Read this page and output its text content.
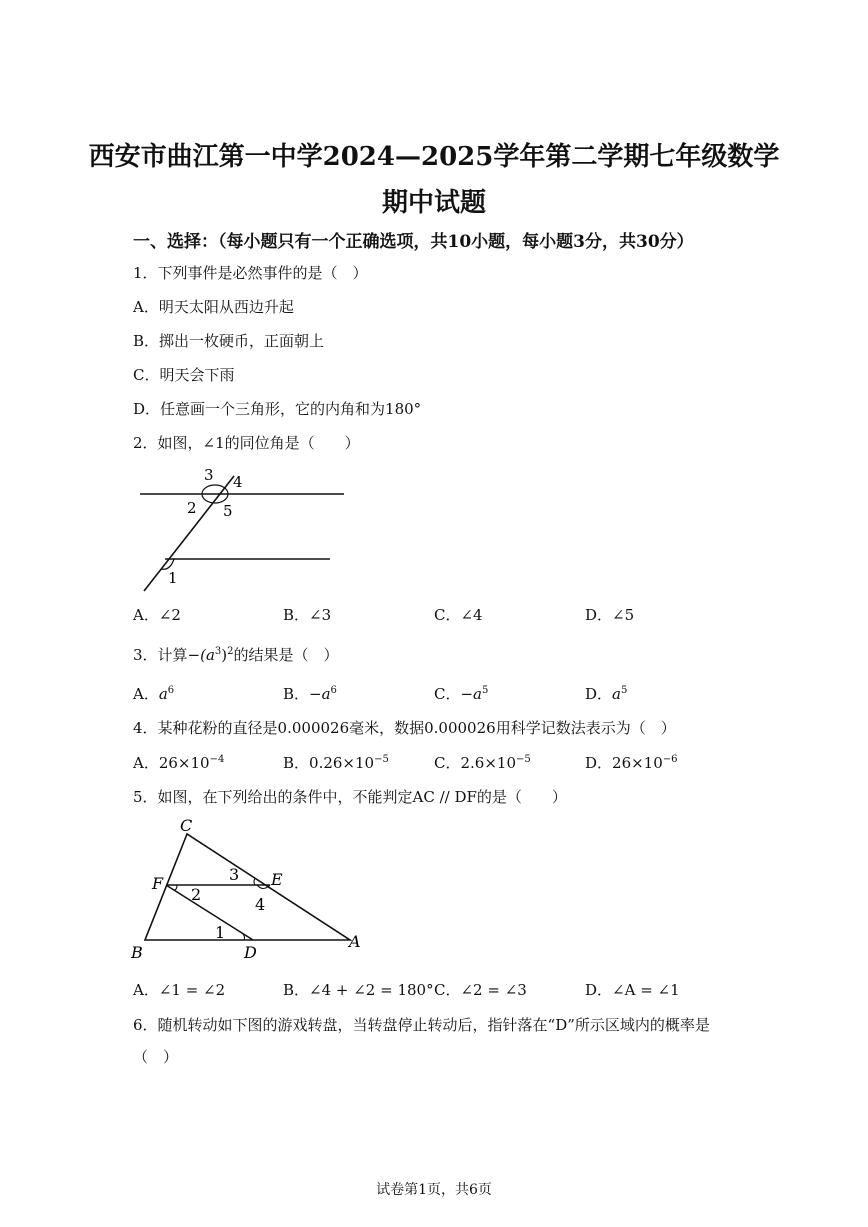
西安市曲江第一中学2024—2025学年第二学期七年级数学
期中试题
一、选择：（每小题只有一个正确选项，共10小题，每小题3分，共30分）
1．下列事件是必然事件的是（　）
A．明天太阳从西边升起
B．掷出一枚硬币，正面朝上
C．明天会下雨
D．任意画一个三角形，它的内角和为180°
2．如图，∠1的同位角是（　　）
3 4
2 5
1
A．∠2	B．∠3	C．∠4	D．∠5
3．计算$-(a^3)^2$的结果是（　）
A．$a^6$	B．$-a^6$	C．$-a^5$	D．$a^5$
4．某种花粉的直径是0.000026毫米，数据0.000026用科学记数法表示为（　）
A．$26\times 10^{-4}$	B．$0.26\times 10^{-5}$	C．$2.6\times 10^{-5}$	D．$26\times 10^{-6}$
5．如图，在下列给出的条件中，不能判定AC // DF的是（　　）
C
F	E
3
2
4
1
B	D
A
A．∠1 = ∠2	B．∠4 + ∠2 = 180° C．∠2 = ∠3	D．∠A = ∠1
6．随机转动如下图的游戏转盘，当转盘停止转动后，指针落在“D”所示区域内的概率是
（　）
试卷第1页，共6页
